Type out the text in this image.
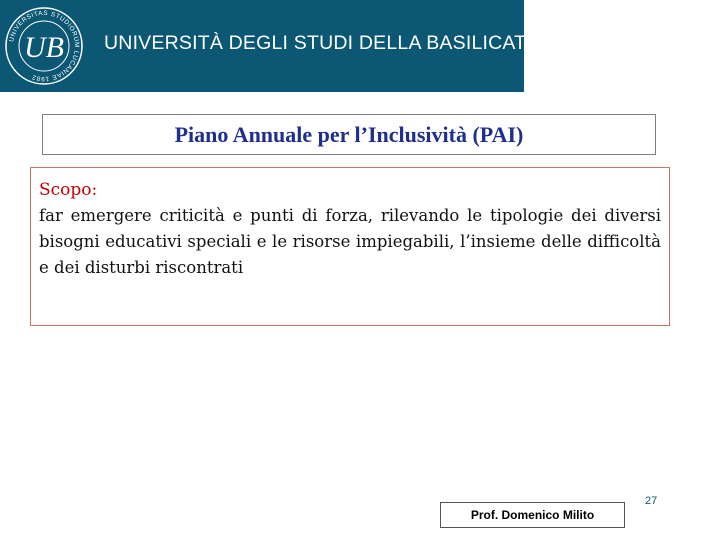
UNIVERSITAS STUDIORUM LUCANIAE 1982
UB UNIVERSITÀ DEGLI STUDI DELLA BASILICATA
Piano Annuale per l’Inclusività (PAI)
Scopo:

far emergere criticità e punti di forza, rilevando le tipologie dei diversi bisogni educativi speciali e le risorse impiegabili, l’insieme delle difficoltà e dei disturbi riscontrati

Prof. Domenico Milito
27
